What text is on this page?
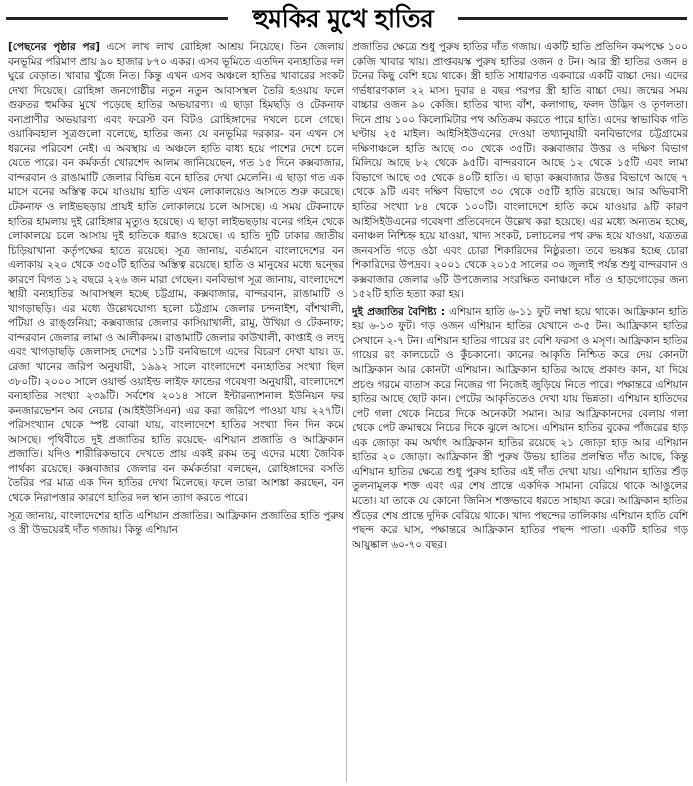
হুমকির মুখে হাতির

[পেছনের পৃষ্ঠার পর] এসে লাখ লাখ রোহিঙ্গা আশ্রয় নিয়েছে। তিন জেলায় বনভূমির পরিমাণ প্রায় ৯০ হাজার ৮৭০ একর। এসব ভূমিতে এতদিন বন্যহাতির দল ঘুরে বেড়াত। খাবার খুঁজে নিত। কিন্তু এখন এসব অঞ্চলে হাতির খাবারের সংকট দেখা দিয়েছে। রোহিঙ্গা জনগোষ্ঠীর নতুন নতুন আবাসস্থল তৈরি হওয়ায় ফলে গুরুতর হুমকির মুখে পড়েছে হাতির অভয়ারণ্য। এ ছাড়া হিমছড়ি ও টেকনাফ বন্যপ্রাণীর অভয়ারণ্য এবং ফরেস্ট বন বিটও রোহিঙ্গাদের দখলে চলে গেছে। ওয়াকিবহাল সূত্রগুলো বলেছে, হাতির জন্য যে বনভূমির দরকার- বন এখন সে ধরনের পরিবেশ নেই। এ অবস্থায় এ অঞ্চলে হাতি বাধ্য হয়ে পাশের দেশে চলে যেতে পারে। বন কর্মকর্তা খোরশেদ আলম জানিয়েছেন, গত ১৫ দিনে কক্সবাজার, বান্দরবান ও রাঙামাটি জেলার বিভিন্ন বনে হাতির দেখা মেলেনি। এ ছাড়া গত এক মাসে বনের অস্তিত্ব কমে যাওয়ায় হাতি এখন লোকালয়েও আসতে শুরু করেছে। টেকনাফ ও লাইভছড়ায় প্রায়ই হাতি লোকালয়ে চলে আসছে। এ সময় টেকনাফে হাতির হামলায় দুই রোহিঙ্গার মৃত্যুও হয়েছে। এ ছাড়া লাইভছড়ায় বনের গহিন থেকে লোকালয়ে চলে আসায় দুই হাতিকে ধরাও হয়েছে। এ হাতি দুটি ঢাকার জাতীয় চিড়িয়াখানা কর্তৃপক্ষের হাতে রয়েছে। সূত্র জানায়, বর্তমানে বাংলাদেশের বন এলাকায় ২২০ থেকে ৩৫০টি হাতির অস্তিত্ব রয়েছে। হাতি ও মানুষের মধ্যে দ্বন্দ্বের কারণে বিগত ১২ বছরে ২২৬ জন মারা গেছেন। বনবিভাগ সূত্র জানায়, বাংলাদেশে স্থায়ী বন্যহাতির আবাসস্থল হচ্ছে চট্টগ্রাম, কক্সবাজার, বান্দরবান, রাঙামাটি ও খাগড়াছড়ি। এর মধ্যে উল্লেখযোগ্য হলো চট্টগ্রাম জেলার চন্দনাইশ, বাঁশখালী, পটিয়া ও রাঙ্গুনিয়া; কক্সবাজার জেলার কাসিয়াখালী, রামু, উখিয়া ও টেকনাফ; বান্দরবান জেলার লামা ও আলীকদম। রাঙামাটি জেলার কাউখালী, কাপ্তাই ও লংদু এবং খাগড়াছড়ি জেলাসহ দেশের ১১টি বনবিভাগে এদের বিচরণ দেখা যায়। ড. রেজা খানের জরিপ অনুযায়ী, ১৯৯২ সালে বাংলাদেশে বন্যহাতির সংখ্যা ছিল ৩৮০টি। ২০০০ সালে ওয়ার্ল্ড ওয়াইল্ড লাইফ ফান্ডের গবেষণা অনুযায়ী, বাংলাদেশে বন্যহাতির সংখ্যা ২৩৯টি। সর্বশেষ ২০১৪ সালে ইন্টারন্যাশনাল ইউনিয়ন ফর কনজারভেশন অব নেচার (আইইউসিএন) এর করা জরিপে পাওয়া যায় ২২৭টি। পরিসংখ্যান থেকে স্পষ্ট বোঝা যায়, বাংলাদেশে হাতির সংখ্যা দিন দিন কমে আসছে। পৃথিবীতে দুই প্রজাতির হাতি রয়েছে- এশিয়ান প্রজাতি ও আফ্রিকান প্রজাতি। যদিও শারীরিকভাবে দেখতে প্রায় একই রকম তবু এদের মধ্যে জৈবিক পার্থক্য রয়েছে। কক্সবাজার জেলার বন কর্মকর্তারা বলছেন, রোহিঙ্গাদের বসতি তৈরির পর মাত্র এক দিন হাতির দেখা মিলেছে। ফলে তারা আশঙ্কা করছেন, বন থেকে নিরাপত্তার কারণে হাতির দল স্থান ত্যাগ করতে পারে।

সূত্র জানায়, বাংলাদেশের হাতি এশিয়ান প্রজাতির। আফ্রিকান প্রজাতির হাতি পুরুষ ও স্ত্রী উভয়েরই দাঁত গজায়। কিন্তু এশিয়ান

প্রজাতির ক্ষেত্রে শুধু পুরুষ হাতির দাঁত গজায়। একটি হাতি প্রতিদিন কমপক্ষে ১০০ কেজি খাবার খায়। প্রাপ্তবয়স্ক পুরুষ হাতির ওজন ৫ টন। আর স্ত্রী হাতির ওজন ৪ টনের কিছু বেশি হয়ে থাকে। স্ত্রী হাতি সাধারণত একবারে একটি বাচ্চা দেয়। এদের গর্ভধারণকাল ২২ মাস। দুবার ৪ বছর পরপর স্ত্রী হাতি বাচ্চা দেয়। জন্মের সময় বাচ্চার ওজন ৯০ কেজি। হাতির খাদ্য বাঁশ, কলাগাছ, ফলদ উদ্ভিদ ও তৃণলতা। দিনে প্রায় ১০০ কিলোমিটার পথ অতিক্রম করতে পারে হাতি। এদের স্বাভাবিক গতি ঘণ্টায় ২৫ মাইল। আইসিইউএনের দেওয়া তথ্যানুযায়ী বনবিভাগের চট্টগ্রামের দক্ষিণাঞ্চলে হাতি আছে ৩০ থেকে ৩৫টি। কক্সবাজার উত্তর ও দক্ষিণ বিভাগ মিলিয়ে আছে ৮২ থেকে ৯৫টি। বান্দরবানে আছে ১২ থেকে ১৫টি এবং লামা বিভাগে আছে ৩৫ থেকে ৪০টি হাতি। এ ছাড়া কক্সবাজার উত্তর বিভাগে আছে ৭ থেকে ৯টি এবং দক্ষিণ বিভাগে ৩০ থেকে ৩৫টি হাতি রয়েছে। আর অভিবাসী হাতির সংখ্যা ৮৪ থেকে ১০০টি। বাংলাদেশে হাতি কমে যাওয়ার ৯টি কারণ আইসিইউএনের গবেষণা প্রতিবেদনে উল্লেখ করা হয়েছে। এর মধ্যে অন্যতম হচ্ছে, বনাঞ্চল নিশ্চিহ্ন হয়ে যাওয়া, খাদ্য সংকট, চলাচলের পথ রুদ্ধ হয়ে যাওয়া, যত্রতত্র জনবসতি গড়ে ওঠা এবং চোরা শিকারিদের নিষ্ঠুরতা। তবে ভয়ঙ্কর হচ্ছে চোরা শিকারিদের উপদ্রব। ২০০১ থেকে ২০১৫ সালের ৩০ জুলাই পর্যন্ত শুধু বান্দরবান ও কক্সবাজার জেলার ৬টি উপজেলার সংরক্ষিত বনাঞ্চলে দাঁত ও হাড়গোড়ের জন্য ১৫২টি হাতি হত্যা করা হয়।

দুই প্রজাতির বৈশিষ্ট্য : এশিয়ান হাতি ৬-১১ ফুট লম্বা হয়ে থাকে। আফ্রিকান হাতি হয় ৬-১৩ ফুট। গড় ওজন এশিয়ান হাতির যেখানে ৩-৫ টন। আফ্রিকান হাতির সেখানে ২-৭ টন। এশিয়ান হাতির গায়ের রং বেশি ফরসা ও মসৃণ। আফ্রিকান হাতির গায়ের রং কালচেটে ও কুঁচকানো। কানের আকৃতি নিশ্চিত করে দেয় কোনটা আফ্রিকান আর কোনটা এশিয়ান। আফ্রিকান হাতির আছে প্রকাণ্ড কান, যা দিয়ে প্রচণ্ড গরমে বাতাস করে নিজের গা নিজেই জুড়িয়ে নিতে পারে। পক্ষান্তরে এশিয়ান হাতির আছে ছোট কান। পেটের আকৃতিতেও দেখা যায় ভিন্নতা। এশিয়ান হাতিদের পেট গলা থেকে নিচের দিকে অনেকটা সমান। আর আফ্রিকানদের বেলায় গলা থেকে পেট ক্রমান্বয়ে নিচের দিকে ঝুলে আসে। এশিয়ান হাতির বুকের পাঁজরের হাড় এক জোড়া কম অর্থাৎ আফ্রিকান হাতির রয়েছে ২১ জোড়া হাড় আর এশিয়ান হাতির ২০ জোড়া। আফ্রিকান স্ত্রী পুরুষ উভয় হাতির প্রলম্বিত দাঁত আছে, কিন্তু এশিয়ান হাতির ক্ষেত্রে শুধু পুরুষ হাতির এই দাঁত দেখা যায়। এশিয়ান হাতির শুঁড় তুলনামূলক শক্ত এবং এর শেষ প্রান্তে একদিক সামান্য বেরিয়ে থাকে আঙুলের মতো। যা তাকে যে কোনো জিনিস শক্তভাবে ধরতে সাহায্য করে। আফ্রিকান হাতির শুঁড়ের শেষ প্রান্তে দুদিক বেরিয়ে থাকে। খাদ্য পছন্দের তালিকায় এশিয়ান হাতি বেশি পছন্দ করে ঘাস, পক্ষান্তরে আফ্রিকান হাতির পছন্দ পাতা। একটি হাতির গড় আয়ুষ্কাল ৬০-৭০ বছর।
